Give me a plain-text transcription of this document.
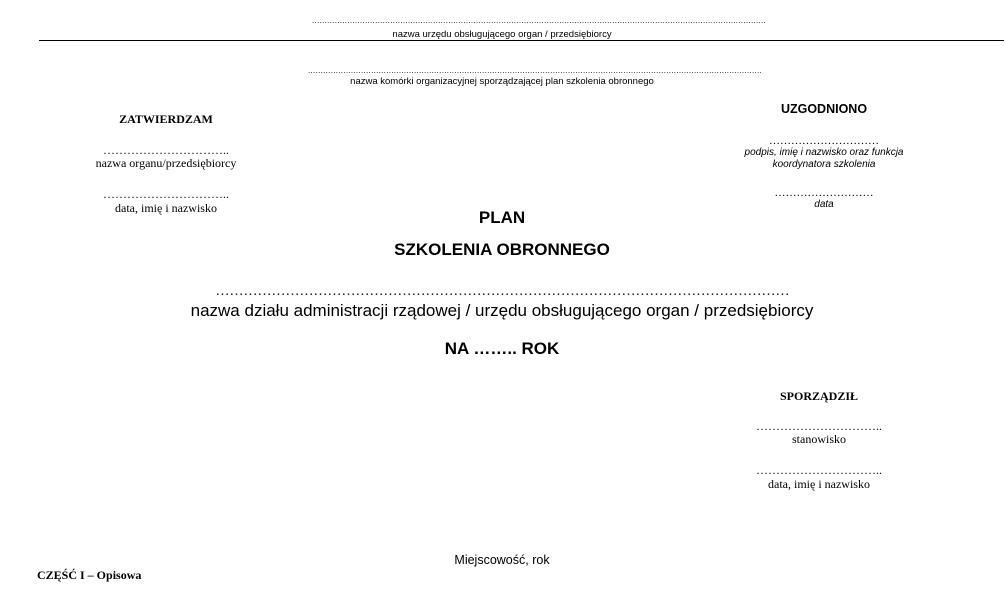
....................................................................................................................................................................................
nazwa urzędu obsługującego organ / przedsiębiorcy
....................................................................................................................................................................................
nazwa komórki organizacyjnej sporządzającej plan szkolenia obronnego
ZATWIERDZAM
…………………………..
nazwa organu/przedsiębiorcy
…………………………..
data, imię i nazwisko
UZGODNIONO
…………………………
podpis, imię i nazwisko oraz funkcja koordynatora szkolenia
………………………
data
PLAN
SZKOLENIA OBRONNEGO
……………………………………………………………………………………………………………
nazwa działu administracji rządowej / urzędu obsługującego organ / przedsiębiorcy
NA …….. ROK
SPORZĄDZIŁ
…………………………..
stanowisko
…………………………..
data, imię i nazwisko
Miejscowość, rok
CZĘŚĆ I – Opisowa
